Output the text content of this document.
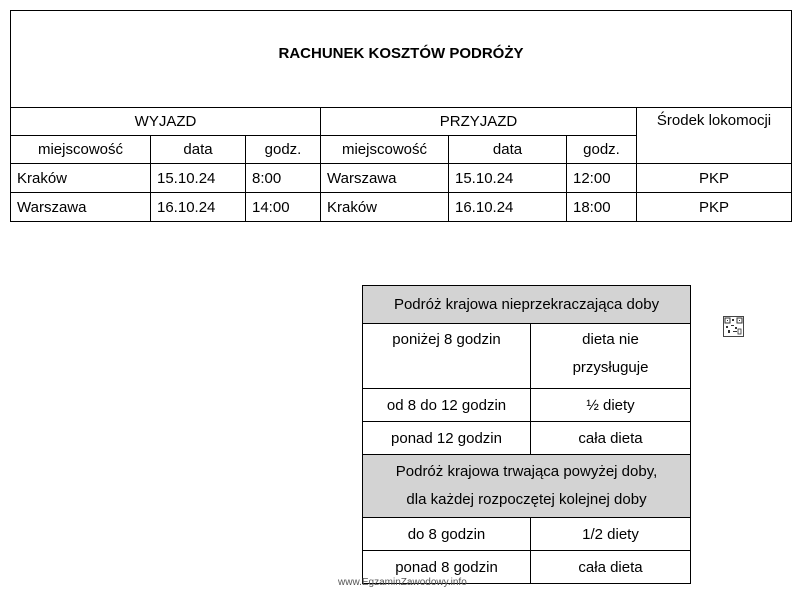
RACHUNEK KOSZTÓW PODRÓŻY						
WYJAZD			PRZYJAZD			Środek lokomocji
miejscowość	data	godz.	miejscowość	data	godz.	
Kraków	15.10.24	8:00	Warszawa	15.10.24	12:00	PKP
Warszawa	16.10.24	14:00	Kraków	16.10.24	18:00	PKP
Podróż krajowa nieprzekraczająca doby	
poniżej 8 godzin	dieta nie
przysługuje

od 8 do 12 godzin	½ diety
ponad 12 godzin	cała dieta

Podróż krajowa trwająca powyżej doby,
dla każdej rozpoczętej kolejnej doby	

do 8 godzin	1/2 diety
ponad 8 godzin	cała dieta
www.EgzaminZawodowy.info
